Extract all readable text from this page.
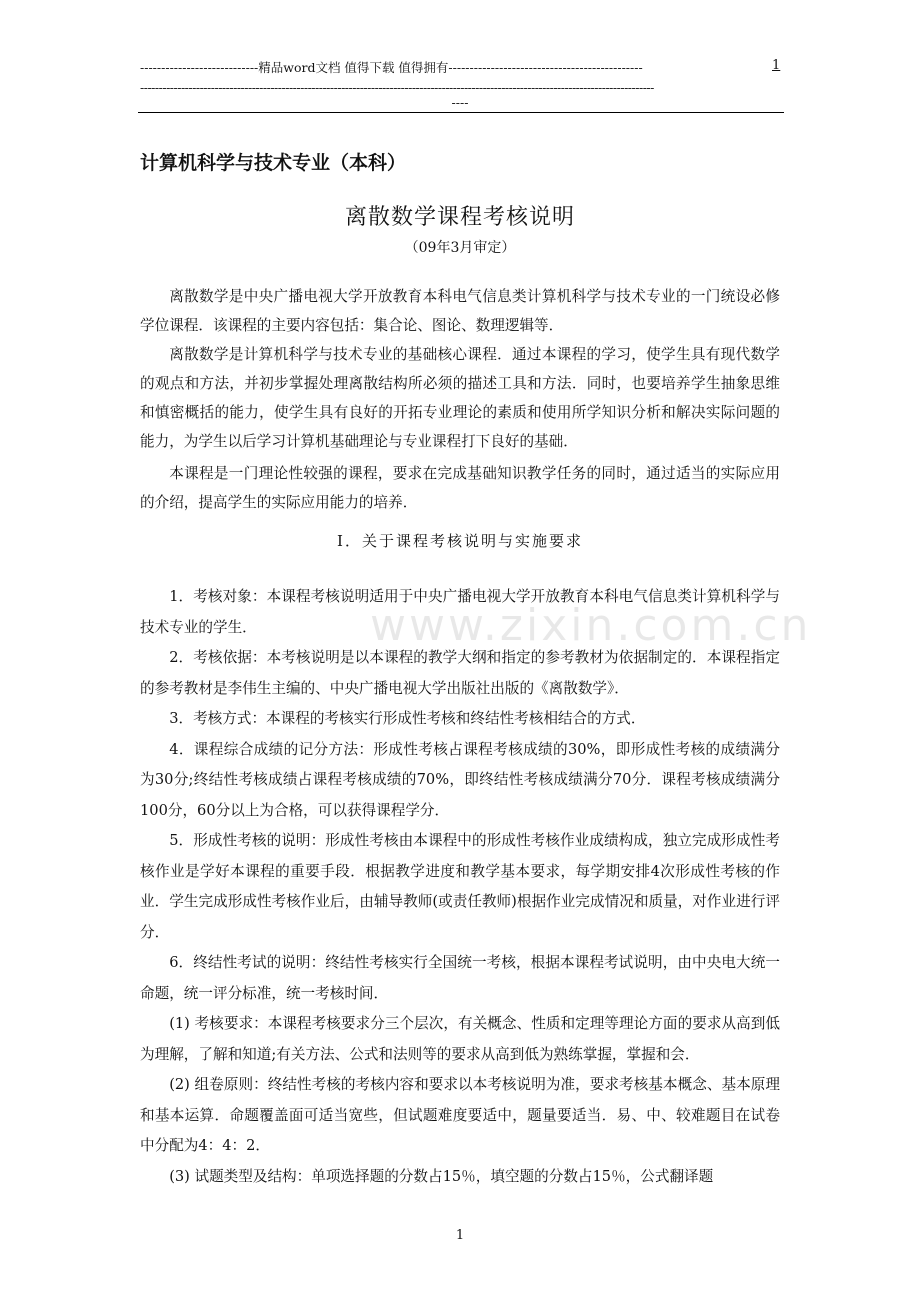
----------------------------精品word文档 值得下载 值得拥有----------------------------------------------	1
------------------------------------------------------------------------------------------------------------------------------------------
----
计算机科学与技术专业（本科）
离散数学课程考核说明
（09年3月审定）

离散数学是中央广播电视大学开放教育本科电气信息类计算机科学与技术专业的一门统设必修学位课程．该课程的主要内容包括：集合论、图论、数理逻辑等．

离散数学是计算机科学与技术专业的基础核心课程．通过本课程的学习，使学生具有现代数学的观点和方法，并初步掌握处理离散结构所必须的描述工具和方法．同时，也要培养学生抽象思维和慎密概括的能力，使学生具有良好的开拓专业理论的素质和使用所学知识分析和解决实际问题的能力，为学生以后学习计算机基础理论与专业课程打下良好的基础．

本课程是一门理论性较强的课程，要求在完成基础知识教学任务的同时，通过适当的实际应用的介绍，提高学生的实际应用能力的培养．

Ⅰ．关于课程考核说明与实施要求
www.zixin.com.cn

1．考核对象：本课程考核说明适用于中央广播电视大学开放教育本科电气信息类计算机科学与技术专业的学生．

2．考核依据：本考核说明是以本课程的教学大纲和指定的参考教材为依据制定的．本课程指定的参考教材是李伟生主编的、中央广播电视大学出版社出版的《离散数学》．

3．考核方式：本课程的考核实行形成性考核和终结性考核相结合的方式．

4．课程综合成绩的记分方法：形成性考核占课程考核成绩的30%，即形成性考核的成绩满分为30分;终结性考核成绩占课程考核成绩的70%，即终结性考核成绩满分70分．课程考核成绩满分100分，60分以上为合格，可以获得课程学分．

5．形成性考核的说明：形成性考核由本课程中的形成性考核作业成绩构成，独立完成形成性考核作业是学好本课程的重要手段．根据教学进度和教学基本要求，每学期安排4次形成性考核的作业．学生完成形成性考核作业后，由辅导教师(或责任教师)根据作业完成情况和质量，对作业进行评分．

6．终结性考试的说明：终结性考核实行全国统一考核，根据本课程考试说明，由中央电大统一命题，统一评分标准，统一考核时间．

(1) 考核要求：本课程考核要求分三个层次，有关概念、性质和定理等理论方面的要求从高到低为理解，了解和知道;有关方法、公式和法则等的要求从高到低为熟练掌握，掌握和会．

(2) 组卷原则：终结性考核的考核内容和要求以本考核说明为准，要求考核基本概念、基本原理和基本运算．命题覆盖面可适当宽些，但试题难度要适中，题量要适当．易、中、较难题目在试卷中分配为4：4：2．

(3) 试题类型及结构：单项选择题的分数占15％，填空题的分数占15％，公式翻译题

1
